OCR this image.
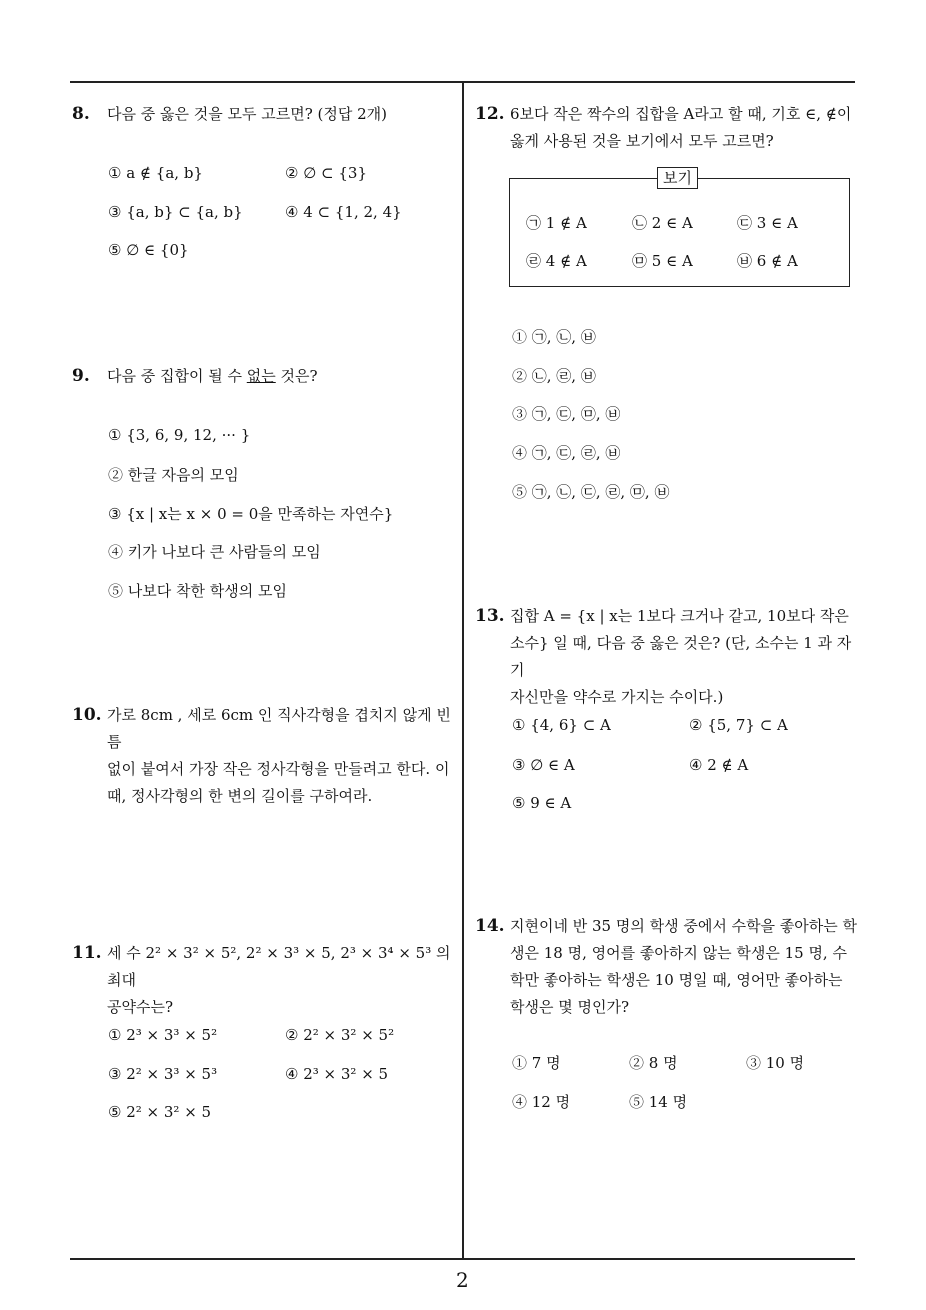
8. 다음 중 옳은 것을 모두 고르면? (정답 2개)
① a ∉ {a, b}	② ∅ ⊂ {3}
③ {a, b} ⊂ {a, b}	④ 4 ⊂ {1, 2, 4}
⑤ ∅ ∈ {0}
9. 다음 중 집합이 될 수 없는 것은?
① {3, 6, 9, 12, ··· }
② 한글 자음의 모임
③ {x | x는 x × 0 = 0을 만족하는 자연수}
④ 키가 나보다 큰 사람들의 모임
⑤ 나보다 착한 학생의 모임
10. 가로 8cm , 세로 6cm 인 직사각형을 겹치지 않게 빈틈
없이 붙여서 가장 작은 정사각형을 만들려고 한다. 이
때, 정사각형의 한 변의 길이를 구하여라.
11. 세 수 2² × 3² × 5², 2² × 3³ × 5, 2³ × 3⁴ × 5³ 의 최대
공약수는?
① 2³ × 3³ × 5²	② 2² × 3² × 5²
③ 2² × 3³ × 5³	④ 2³ × 3² × 5
⑤ 2² × 3² × 5
12. 6보다 작은 짝수의 집합을 A라고 할 때, 기호 ∈, ∉이
옳게 사용된 것을 보기에서 모두 고르면?
㉠ 1 ∉ A	㉡ 2 ∈ A	㉢ 3 ∈ A
㉣ 4 ∉ A	㉤ 5 ∈ A	㉥ 6 ∉ A
보기
① ㉠, ㉡, ㉥
② ㉡, ㉣, ㉥
③ ㉠, ㉢, ㉤, ㉥
④ ㉠, ㉢, ㉣, ㉥
⑤ ㉠, ㉡, ㉢, ㉣, ㉤, ㉥
13. 집합 A = {x | x는 1보다 크거나 같고, 10보다 작은
소수} 일 때, 다음 중 옳은 것은? (단, 소수는 1 과 자기
자신만을 약수로 가지는 수이다.)
① {4, 6} ⊂ A	② {5, 7} ⊂ A
③ ∅ ∈ A	④ 2 ∉ A
⑤ 9 ∈ A
14. 지현이네 반 35 명의 학생 중에서 수학을 좋아하는 학
생은 18 명, 영어를 좋아하지 않는 학생은 15 명, 수
학만 좋아하는 학생은 10 명일 때, 영어만 좋아하는
학생은 몇 명인가?
① 7 명	② 8 명	③ 10 명
④ 12 명	⑤ 14 명
2
